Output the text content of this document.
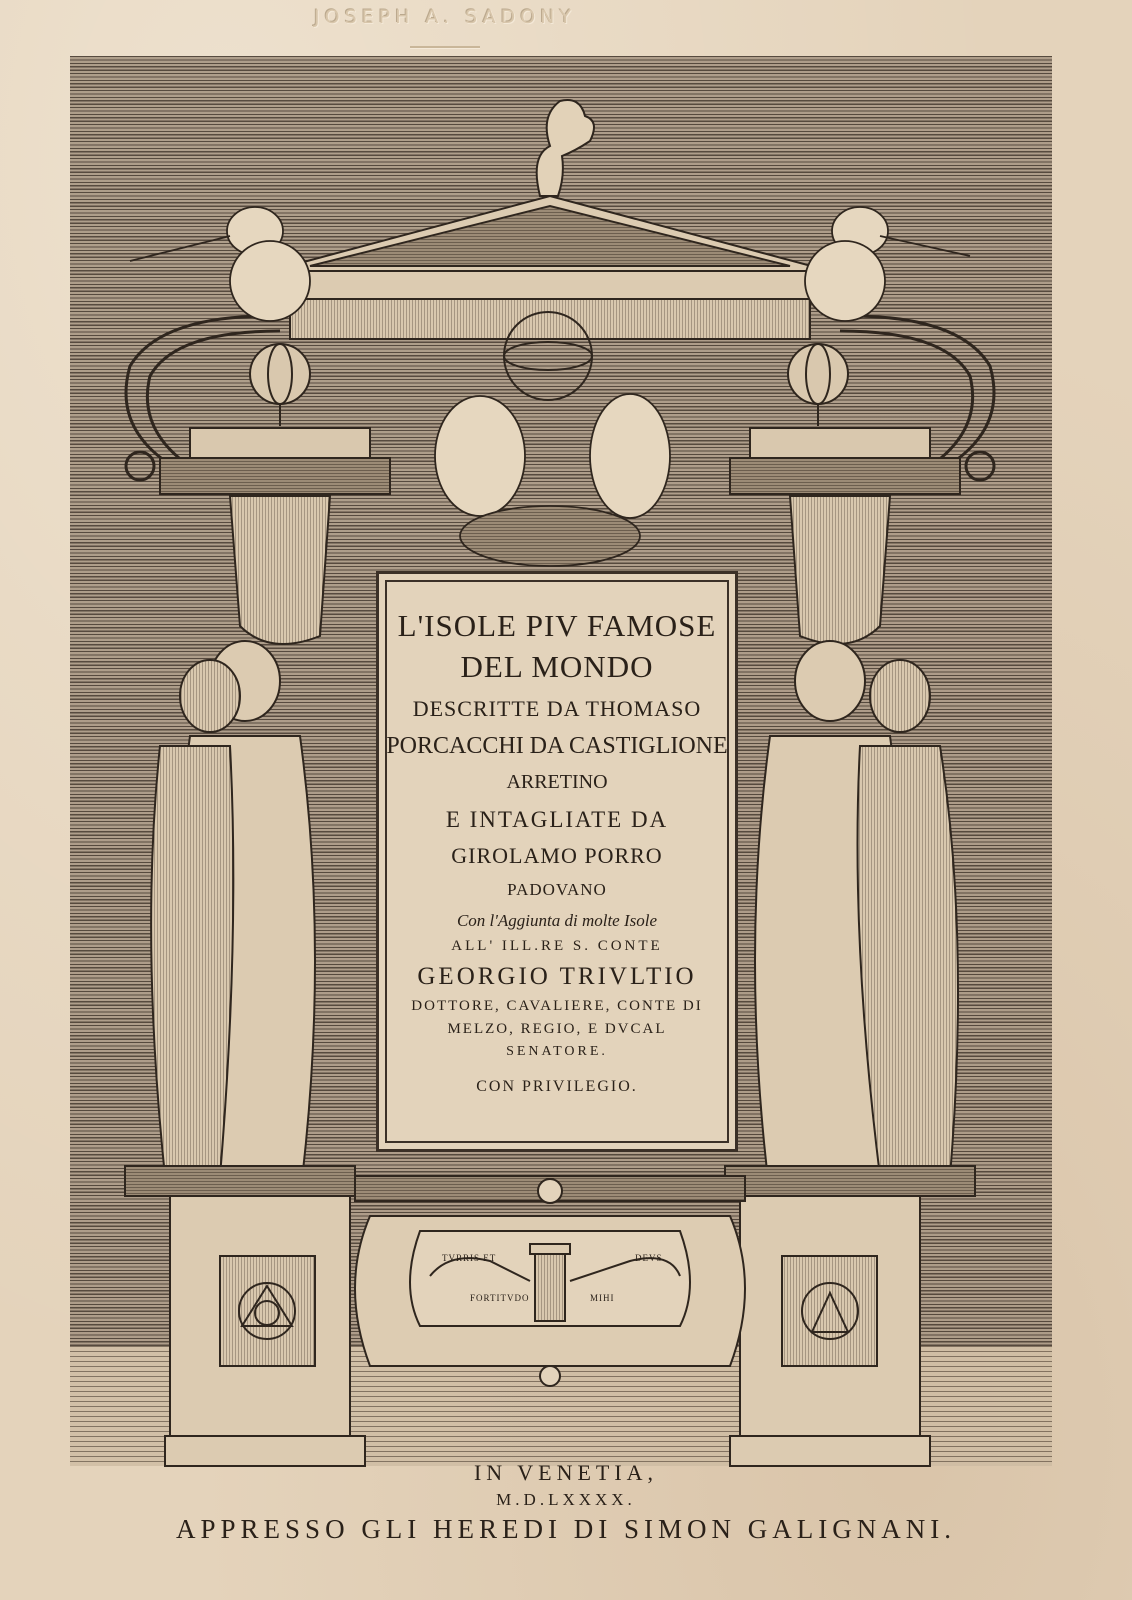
JOSEPH A. SADONY
TVRRIS ET
FORTITVDO
DEVS
MIHI
L'ISOLE PIV FAMOSE
DEL MONDO
DESCRITTE DA THOMASO
PORCACCHI DA CASTIGLIONE
ARRETINO
E INTAGLIATE DA
GIROLAMO PORRO
PADOVANO
Con l'Aggiunta di molte Isole
ALL' ILL.RE S. CONTE
GEORGIO TRIVLTIO
DOTTORE, CAVALIERE, CONTE DI
MELZO, REGIO, E DVCAL
SENATORE.
CON PRIVILEGIO.
IN VENETIA,
M.D.LXXXX.
APPRESSO GLI HEREDI DI SIMON GALIGNANI.
